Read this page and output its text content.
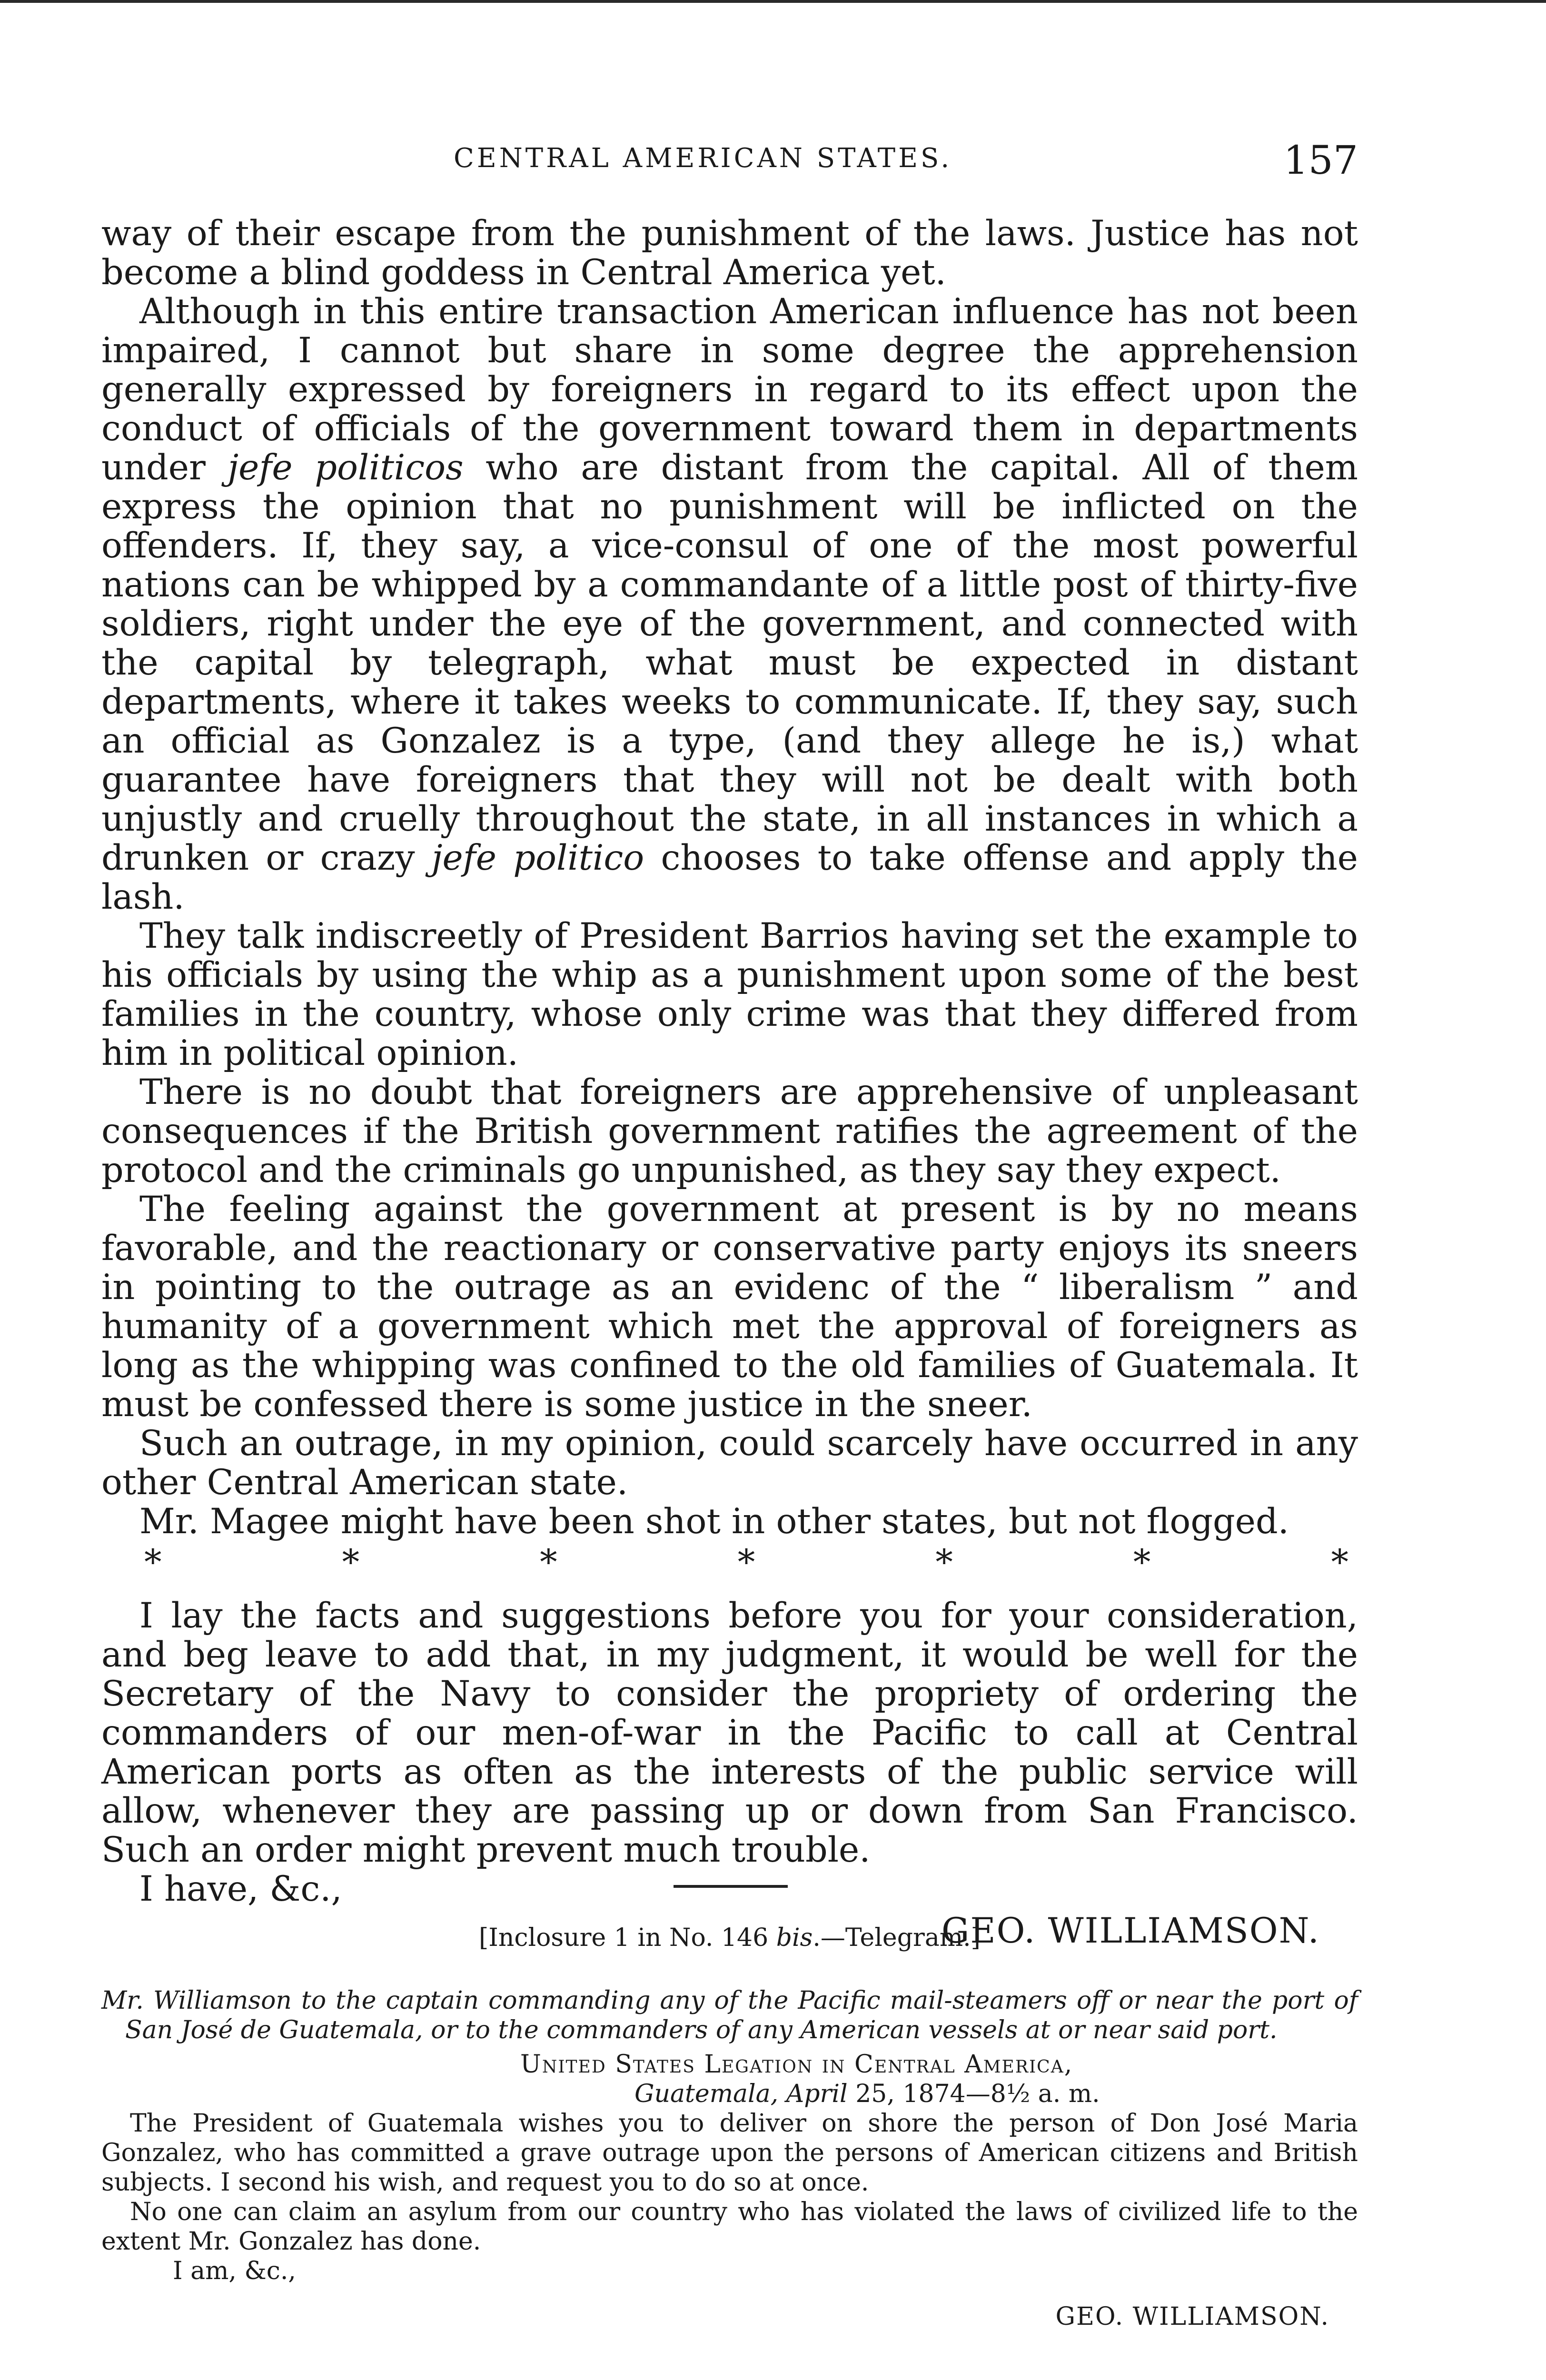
CENTRAL AMERICAN STATES.	157

way of their escape from the punishment of the laws. Justice has not become a blind goddess in Central America yet.

Although in this entire transaction American influence has not been impaired, I cannot but share in some degree the apprehension generally expressed by foreigners in regard to its effect upon the conduct of officials of the government toward them in departments under jefe politicos who are distant from the capital. All of them express the opinion that no punishment will be inflicted on the offenders. If, they say, a vice-consul of one of the most powerful nations can be whipped by a commandante of a little post of thirty-five soldiers, right under the eye of the government, and connected with the capital by telegraph, what must be expected in distant departments, where it takes weeks to communicate. If, they say, such an official as Gonzalez is a type, (and they allege he is,) what guarantee have foreigners that they will not be dealt with both unjustly and cruelly throughout the state, in all instances in which a drunken or crazy jefe politico chooses to take offense and apply the lash.

They talk indiscreetly of President Barrios having set the example to his officials by using the whip as a punishment upon some of the best families in the country, whose only crime was that they differed from him in political opinion.

There is no doubt that foreigners are apprehensive of unpleasant consequences if the British government ratifies the agreement of the protocol and the criminals go unpunished, as they say they expect.

The feeling against the government at present is by no means favorable, and the reactionary or conservative party enjoys its sneers in pointing to the outrage as an evidenc of the “ liberalism ” and humanity of a government which met the approval of foreigners as long as the whipping was confined to the old families of Guatemala. It must be confessed there is some justice in the sneer.

Such an outrage, in my opinion, could scarcely have occurred in any other Central American state.

Mr. Magee might have been shot in other states, but not flogged.

*	*	*	*	*	*	*

I lay the facts and suggestions before you for your consideration, and beg leave to add that, in my judgment, it would be well for the Secretary of the Navy to consider the propriety of ordering the commanders of our men-of-war in the Pacific to call at Central American ports as often as the interests of the public service will allow, whenever they are passing up or down from San Francisco. Such an order might prevent much trouble.

I have, &c.,

GEO. WILLIAMSON.
[Inclosure 1 in No. 146 bis.—Telegram.]
Mr. Williamson to the captain commanding any of the Pacific mail-steamers off or near the port of San José de Guatemala, or to the commanders of any American vessels at or near said port.
United States Legation in Central America,
Guatemala, April 25, 1874—8½ a. m.

The President of Guatemala wishes you to deliver on shore the person of Don José Maria Gonzalez, who has committed a grave outrage upon the persons of American citizens and British subjects. I second his wish, and request you to do so at once.

No one can claim an asylum from our country who has violated the laws of civilized life to the extent Mr. Gonzalez has done.

I am, &c.,
GEO. WILLIAMSON.
